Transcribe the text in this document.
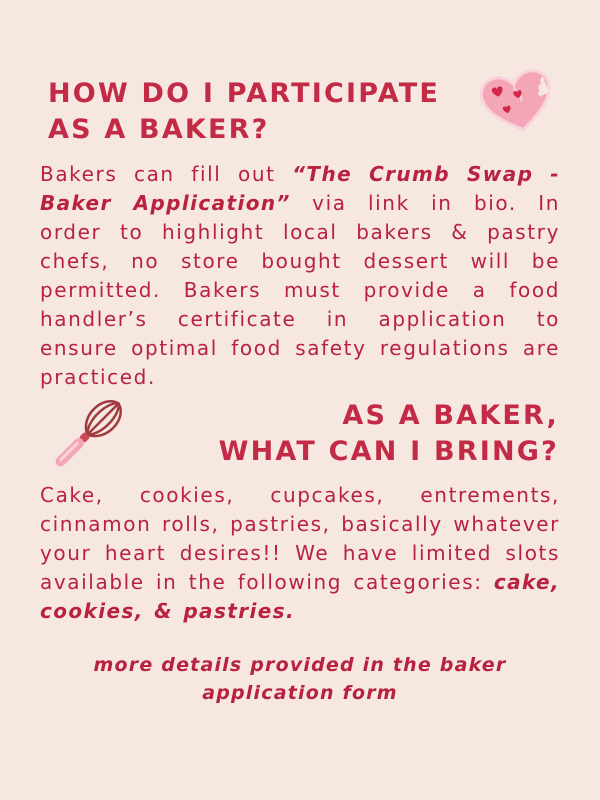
HOW DO I PARTICIPATE
AS A BAKER?

Bakers can fill out “The Crumb Swap - Baker Application” via link in bio. In order to highlight local bakers & pastry chefs, no store bought dessert will be permitted. Bakers must provide a food handler’s certificate in application to ensure optimal food safety regulations are practiced.

AS A BAKER,
WHAT CAN I BRING?

Cake, cookies, cupcakes, entrements, cinnamon rolls, pastries, basically whatever your heart desires!! We have limited slots available in the following categories: cake, cookies, & pastries.

more details provided in the baker
application form
